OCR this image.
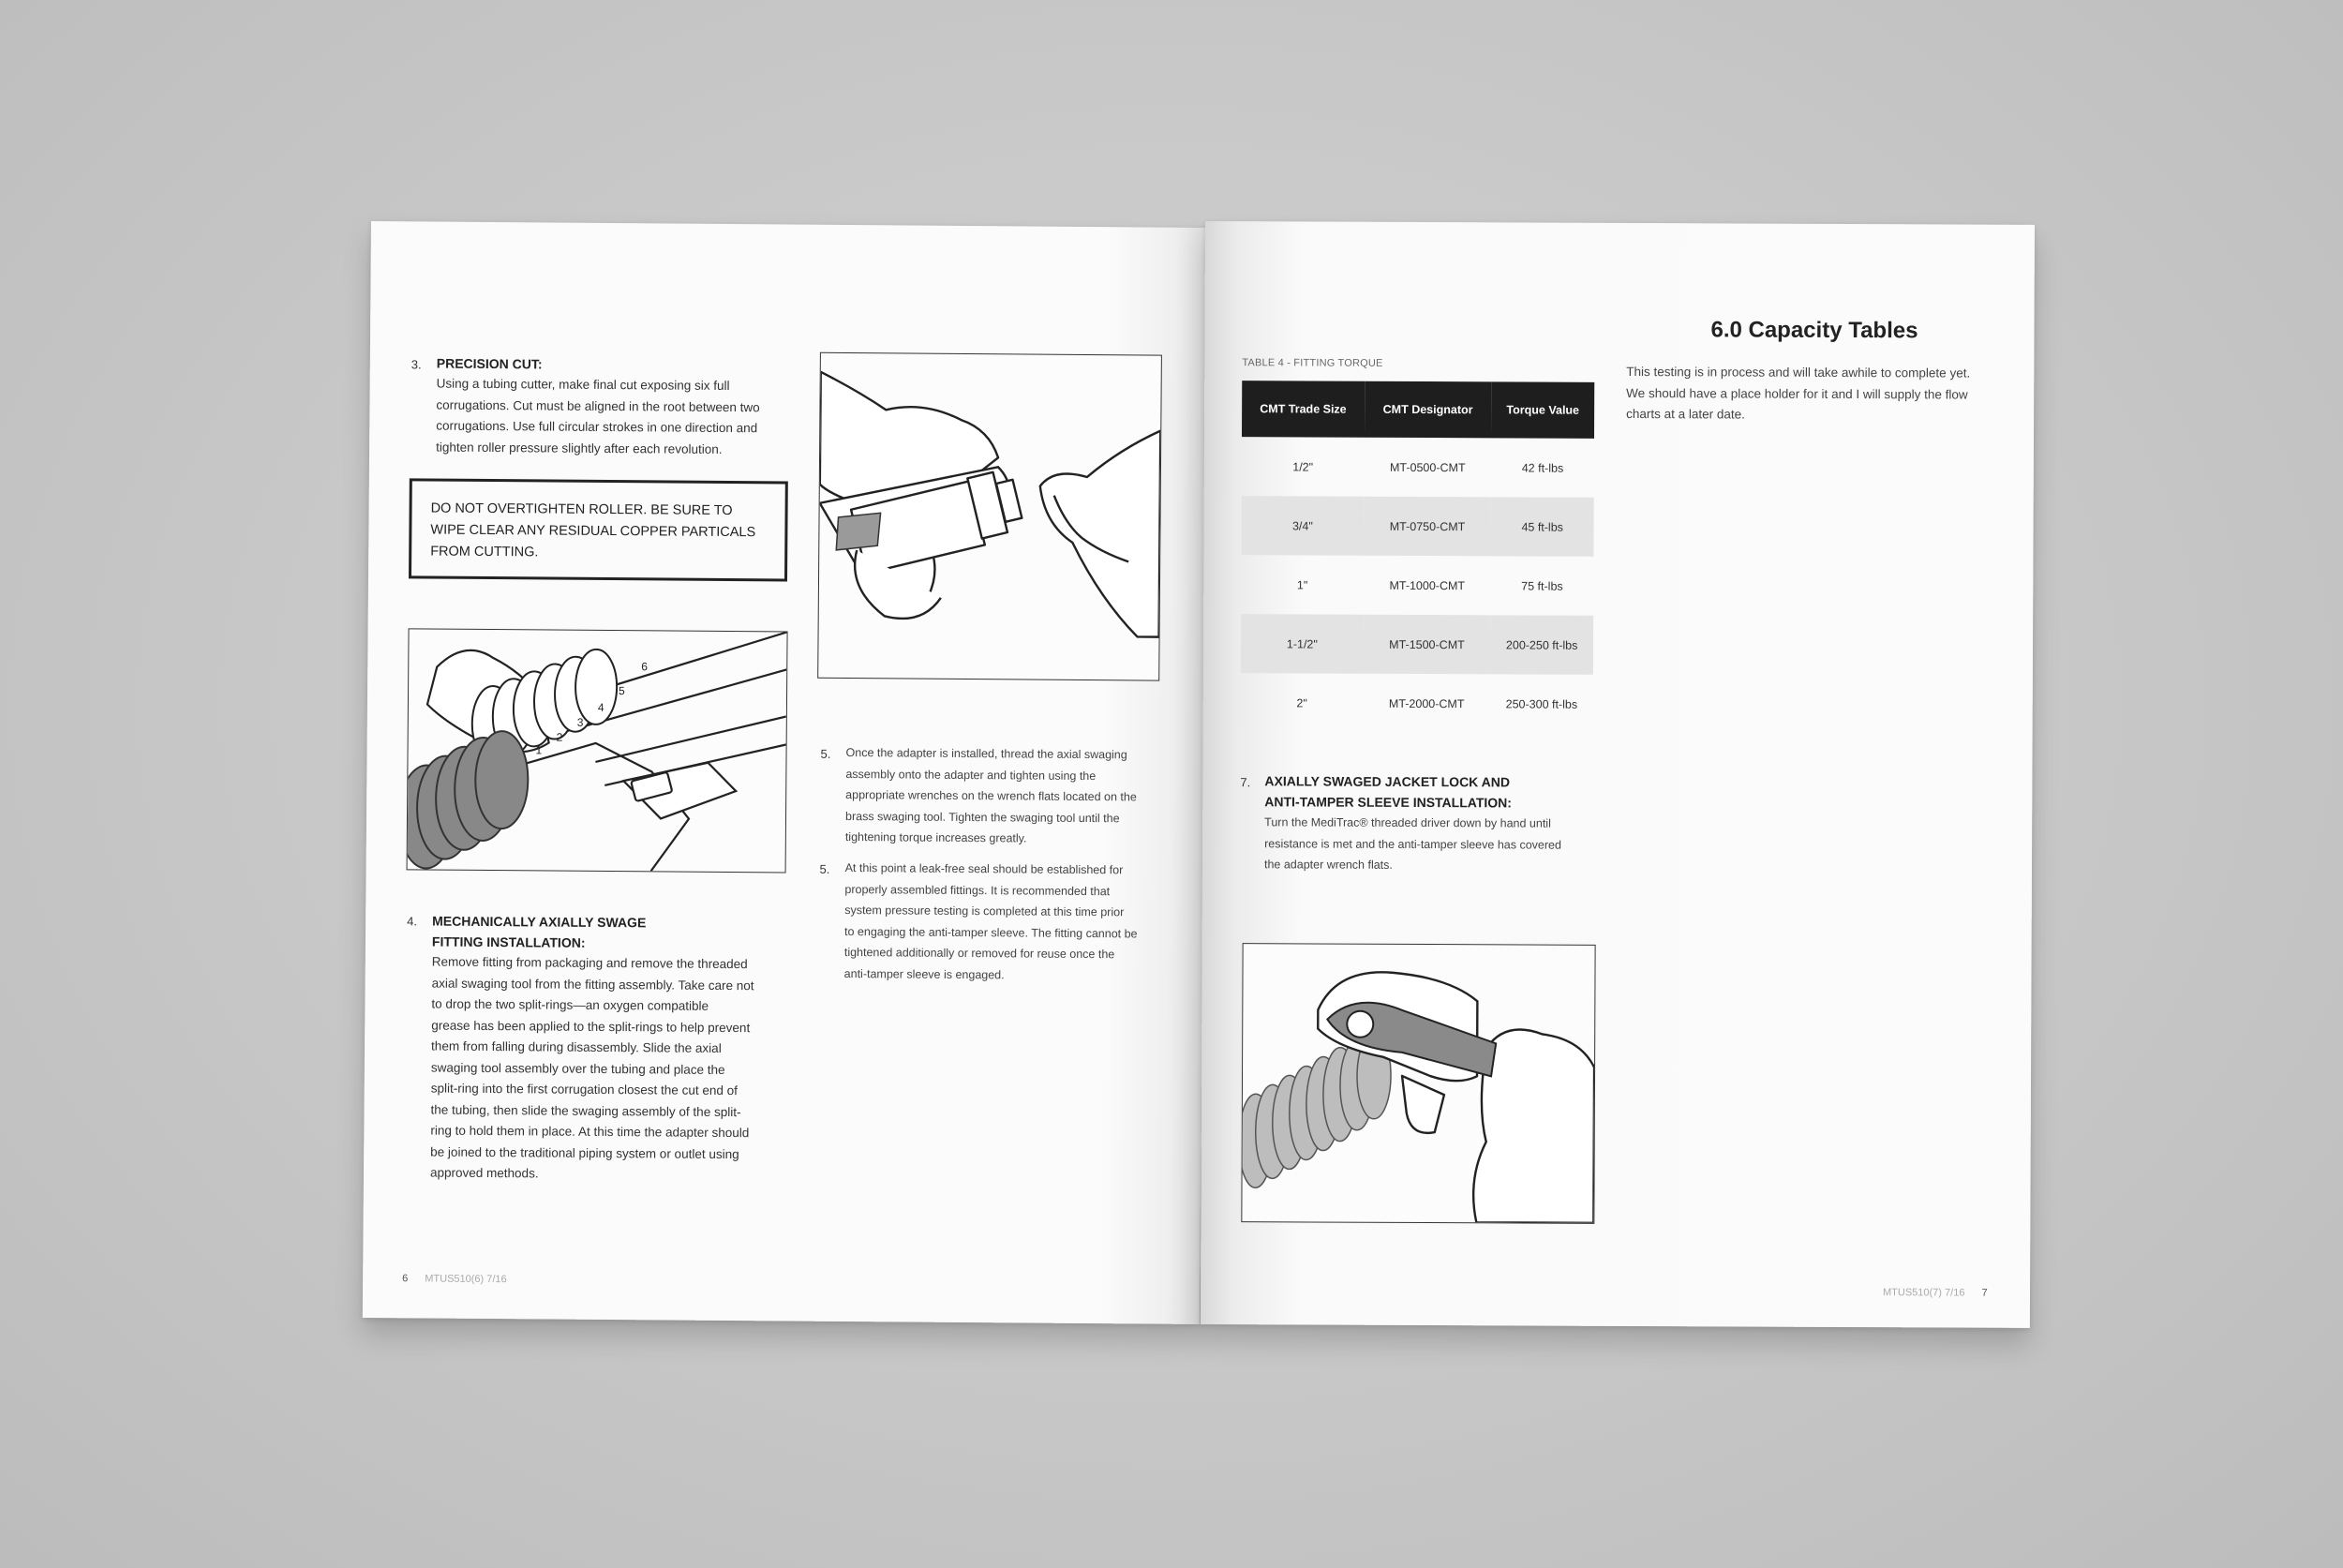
3. PRECISION CUT:
Using a tubing cutter, make final cut exposing six full
corrugations. Cut must be aligned in the root between two
corrugations. Use full circular strokes in one direction and
tighten roller pressure slightly after each revolution.
DO NOT OVERTIGHTEN ROLLER. BE SURE TO
WIPE CLEAR ANY RESIDUAL COPPER PARTICALS
FROM CUTTING.
1
2
3
4
5
6
4. MECHANICALLY AXIALLY SWAGE
FITTING INSTALLATION:
Remove fitting from packaging and remove the threaded
axial swaging tool from the fitting assembly. Take care not
to drop the two split-rings—an oxygen compatible
grease has been applied to the split-rings to help prevent
them from falling during disassembly. Slide the axial
swaging tool assembly over the tubing and place the
split-ring into the first corrugation closest the cut end of
the tubing, then slide the swaging assembly of the split-
ring to hold them in place. At this time the adapter should
be joined to the traditional piping system or outlet using
approved methods.
5. Once the adapter is installed, thread the axial swaging
assembly onto the adapter and tighten using the
appropriate wrenches on the wrench flats located on the
brass swaging tool. Tighten the swaging tool until the
tightening torque increases greatly.
5. At this point a leak-free seal should be established for
properly assembled fittings. It is recommended that
system pressure testing is completed at this time prior
to engaging the anti-tamper sleeve. The fitting cannot be
tightened additionally or removed for reuse once the
anti-tamper sleeve is engaged.
6 MTUS510(6) 7/16
TABLE 4 - FITTING TORQUE
CMT Trade Size	CMT Designator	Torque Value
1/2"	MT-0500-CMT	42 ft-lbs
3/4"	MT-0750-CMT	45 ft-lbs
1"	MT-1000-CMT	75 ft-lbs
1-1/2"	MT-1500-CMT	200-250 ft-lbs
2"	MT-2000-CMT	250-300 ft-lbs
7. AXIALLY SWAGED JACKET LOCK AND
ANTI-TAMPER SLEEVE INSTALLATION:
Turn the MediTrac® threaded driver down by hand until
resistance is met and the anti-tamper sleeve has covered
the adapter wrench flats.
6.0 Capacity Tables
This testing is in process and will take awhile to complete yet.
We should have a place holder for it and I will supply the flow
charts at a later date.
MTUS510(7) 7/16 7
